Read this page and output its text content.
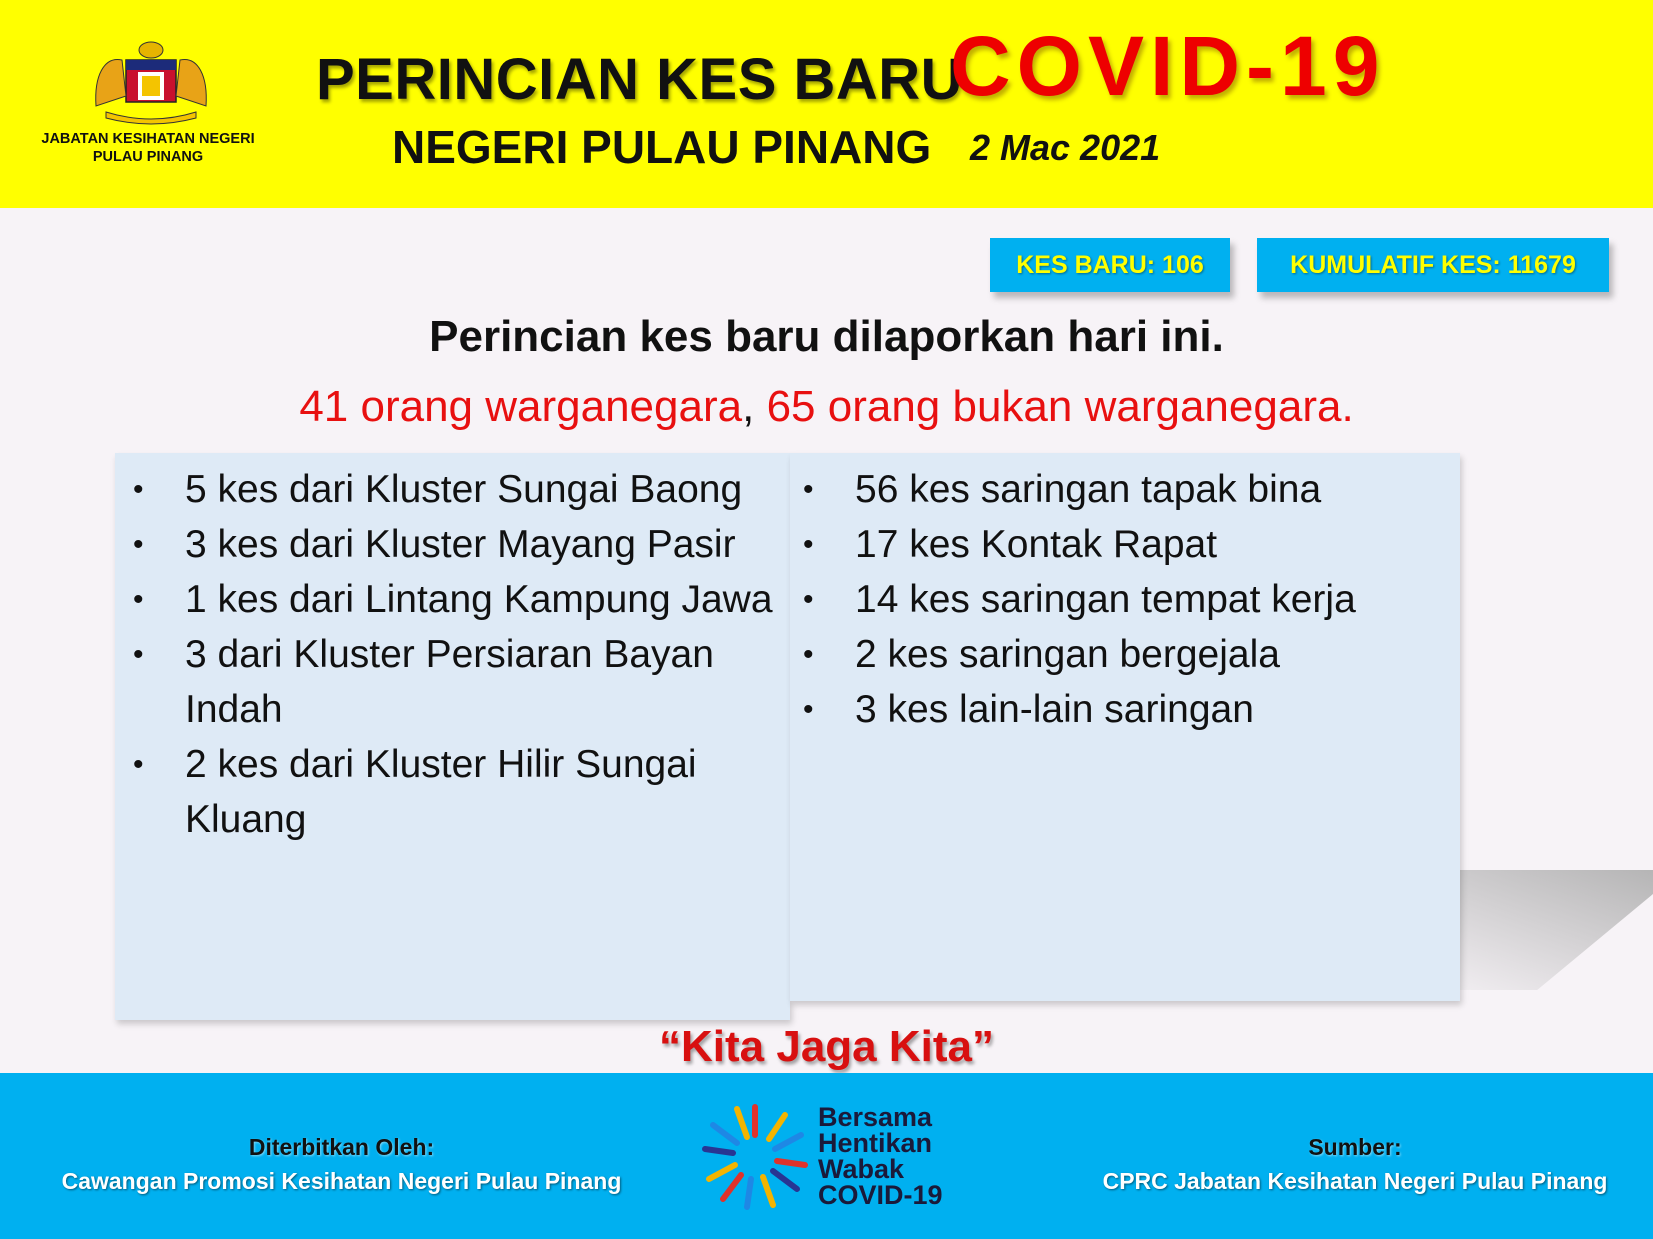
JABATAN KESIHATAN NEGERI PULAU PINANG
PERINCIAN KES BARU
COVID-19
NEGERI PULAU PINANG 2 Mac 2021
KES BARU: 106	KUMULATIF KES: 11679
Perincian kes baru dilaporkan hari ini.
41 orang warganegara, 65 orang bukan warganegara.
• 5 kes dari Kluster Sungai Baong
• 3 kes dari Kluster Mayang Pasir
• 1 kes dari Lintang Kampung Jawa
• 3 dari Kluster Persiaran Bayan Indah
• 2 kes dari Kluster Hilir Sungai Kluang
• 56 kes saringan tapak bina
• 17 kes Kontak Rapat
• 14 kes saringan tempat kerja
• 2 kes saringan bergejala
• 3 kes lain-lain saringan
“Kita Jaga Kita”
Diterbitkan Oleh:
Cawangan Promosi Kesihatan Negeri Pulau Pinang
Sumber:
CPRC Jabatan Kesihatan Negeri Pulau Pinang
Bersama
Hentikan
Wabak
COVID-19
